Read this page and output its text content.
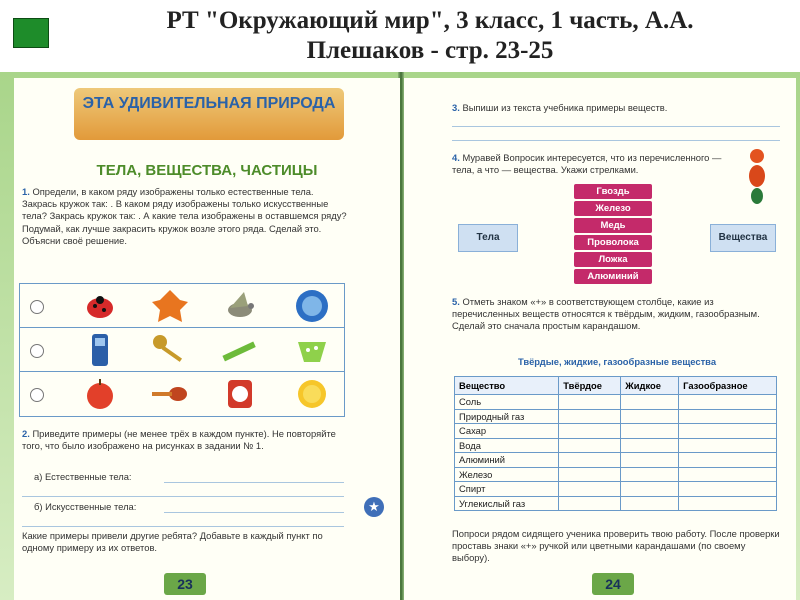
РТ "Окружающий мир", 3 класс, 1 часть, А.А.
Плешаков - стр. 23-25
ЭТА УДИВИТЕЛЬНАЯ ПРИРОДА
ТЕЛА, ВЕЩЕСТВА, ЧАСТИЦЫ
1. Определи, в каком ряду изображены только естественные тела. Закрась кружок так: . В каком ряду изображены только искусственные тела? Закрась кружок так: . А какие тела изображены в оставшемся ряду? Подумай, как лучше закрасить кружок возле этого ряда. Сделай это. Объясни своё решение.
2. Приведите примеры (не менее трёх в каждом пункте). Не повторяйте того, что было изображено на рисунках в задании № 1.
а) Естественные тела:
б) Искусственные тела:
Какие примеры привели другие ребята? Добавьте в каждый пункт по одному примеру из их ответов.
23
★
3. Выпиши из текста учебника примеры веществ.
4. Муравей Вопросик интересуется, что из перечисленного — тела, а что — вещества. Укажи стрелками.
Тела	Вещества
Гвоздь
Железо
Медь
Проволока
Ложка
Алюминий
5. Отметь знаком «+» в соответствующем столбце, какие из перечисленных веществ относятся к твёрдым, жидким, газообразным. Сделай это сначала простым карандашом.
Твёрдые, жидкие, газообразные вещества
Вещество	Твёрдое	Жидкое	Газообразное
Соль			
Природный газ			
Сахар			
Вода			
Алюминий			
Железо			
Спирт			
Углекислый газ			
Попроси рядом сидящего ученика проверить твою работу. После проверки проставь знаки «+» ручкой или цветными карандашами (по своему выбору).
24
